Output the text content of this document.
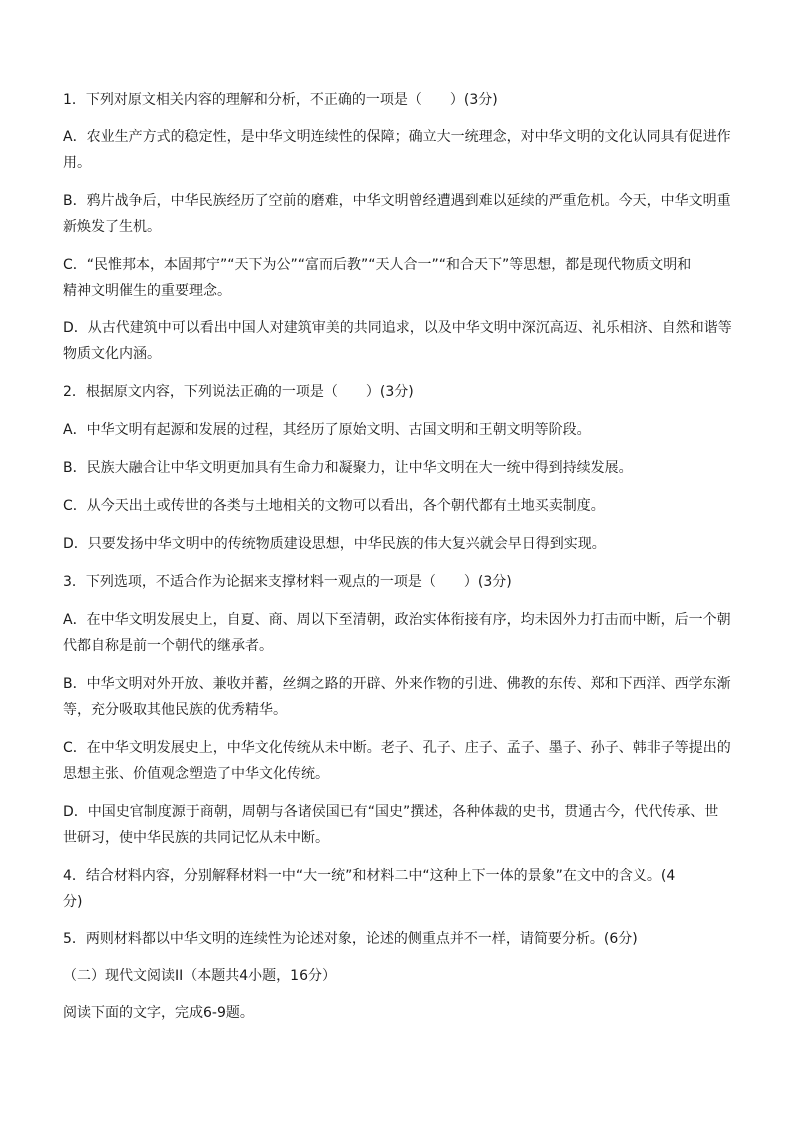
1．下列对原文相关内容的理解和分析，不正确的一项是（　　）(3分)
A．农业生产方式的稳定性，是中华文明连续性的保障；确立大一统理念，对中华文明的文化认同具有促进作
用。
B．鸦片战争后，中华民族经历了空前的磨难，中华文明曾经遭遇到难以延续的严重危机。今天，中华文明重
新焕发了生机。
C．“民惟邦本，本固邦宁”“天下为公”“富而后教”“天人合一”“和合天下”等思想，都是现代物质文明和
精神文明催生的重要理念。
D．从古代建筑中可以看出中国人对建筑审美的共同追求，以及中华文明中深沉高迈、礼乐相济、自然和谐等
物质文化内涵。
2．根据原文内容，下列说法正确的一项是（　　）(3分)
A．中华文明有起源和发展的过程，其经历了原始文明、古国文明和王朝文明等阶段。
B．民族大融合让中华文明更加具有生命力和凝聚力，让中华文明在大一统中得到持续发展。
C．从今天出土或传世的各类与土地相关的文物可以看出，各个朝代都有土地买卖制度。
D．只要发扬中华文明中的传统物质建设思想，中华民族的伟大复兴就会早日得到实现。
3．下列选项，不适合作为论据来支撑材料一观点的一项是（　　）(3分)
A．在中华文明发展史上，自夏、商、周以下至清朝，政治实体衔接有序，均未因外力打击而中断，后一个朝
代都自称是前一个朝代的继承者。
B．中华文明对外开放、兼收并蓄，丝绸之路的开辟、外来作物的引进、佛教的东传、郑和下西洋、西学东渐
等，充分吸取其他民族的优秀精华。
C．在中华文明发展史上，中华文化传统从未中断。老子、孔子、庄子、孟子、墨子、孙子、韩非子等提出的
思想主张、价值观念塑造了中华文化传统。
D．中国史官制度源于商朝，周朝与各诸侯国已有“国史”撰述，各种体裁的史书，贯通古今，代代传承、世
世研习，使中华民族的共同记忆从未中断。
4．结合材料内容，分别解释材料一中“大一统”和材料二中“这种上下一体的景象”在文中的含义。(4
分)
5．两则材料都以中华文明的连续性为论述对象，论述的侧重点并不一样，请简要分析。(6分)
（二）现代文阅读II（本题共4小题，16分）
阅读下面的文字，完成6-9题。
